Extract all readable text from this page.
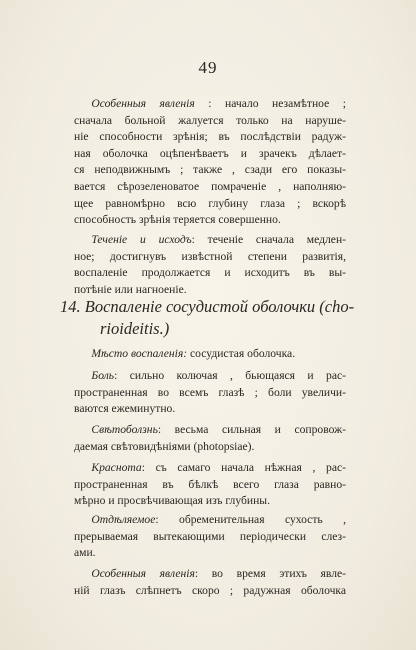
49
  Особенныя явленія : начало незамѣтное ;
сначала больной жалуется только на наруше-
ніе способности зрѣнія; въ послѣдствіи радуж-
ная оболочка оцѣпенѣваетъ и зрачекъ дѣлает-
ся неподвижнымъ ; также , сзади его показы-
вается сѣрозеленоватое помраченіе , наполняю-
щее равномѣрно всю глубину глаза ; вскорѣ
способность зрѣнія теряется совершенно.
  Теченіе и исходъ: теченіе сначала медлен-
ное; достигнувъ извѣстной степени развитія,
воспаленіе продолжается и исходитъ въ вы-
потѣніе или нагноеніе.
14. Воспаленіе сосудистой оболочки (cho-
rioideitis.)
  Мѣсто воспаленія: сосудистая оболочка.
  Боль: сильно колючая , бьющаяся и рас-
пространенная во всемъ глазѣ ; боли увеличи-
ваются ежеминутно.
  Свѣтоболзнь: весьма сильная и сопровож-
даемая свѣтовидѣніями (photopsiae).
  Краснота: съ самаго начала нѣжная , рас-
пространенная въ бѣлкѣ всего глаза равно-
мѣрно и просвѣчивающая изъ глубины.
  Отдѣляемое: обременительная сухость ,
прерываемая вытекающими періодически слез-
ами.
  Особенныя явленія: во время этихъ явле-
ній глазъ слѣпнетъ скоро ; радужная оболочка
